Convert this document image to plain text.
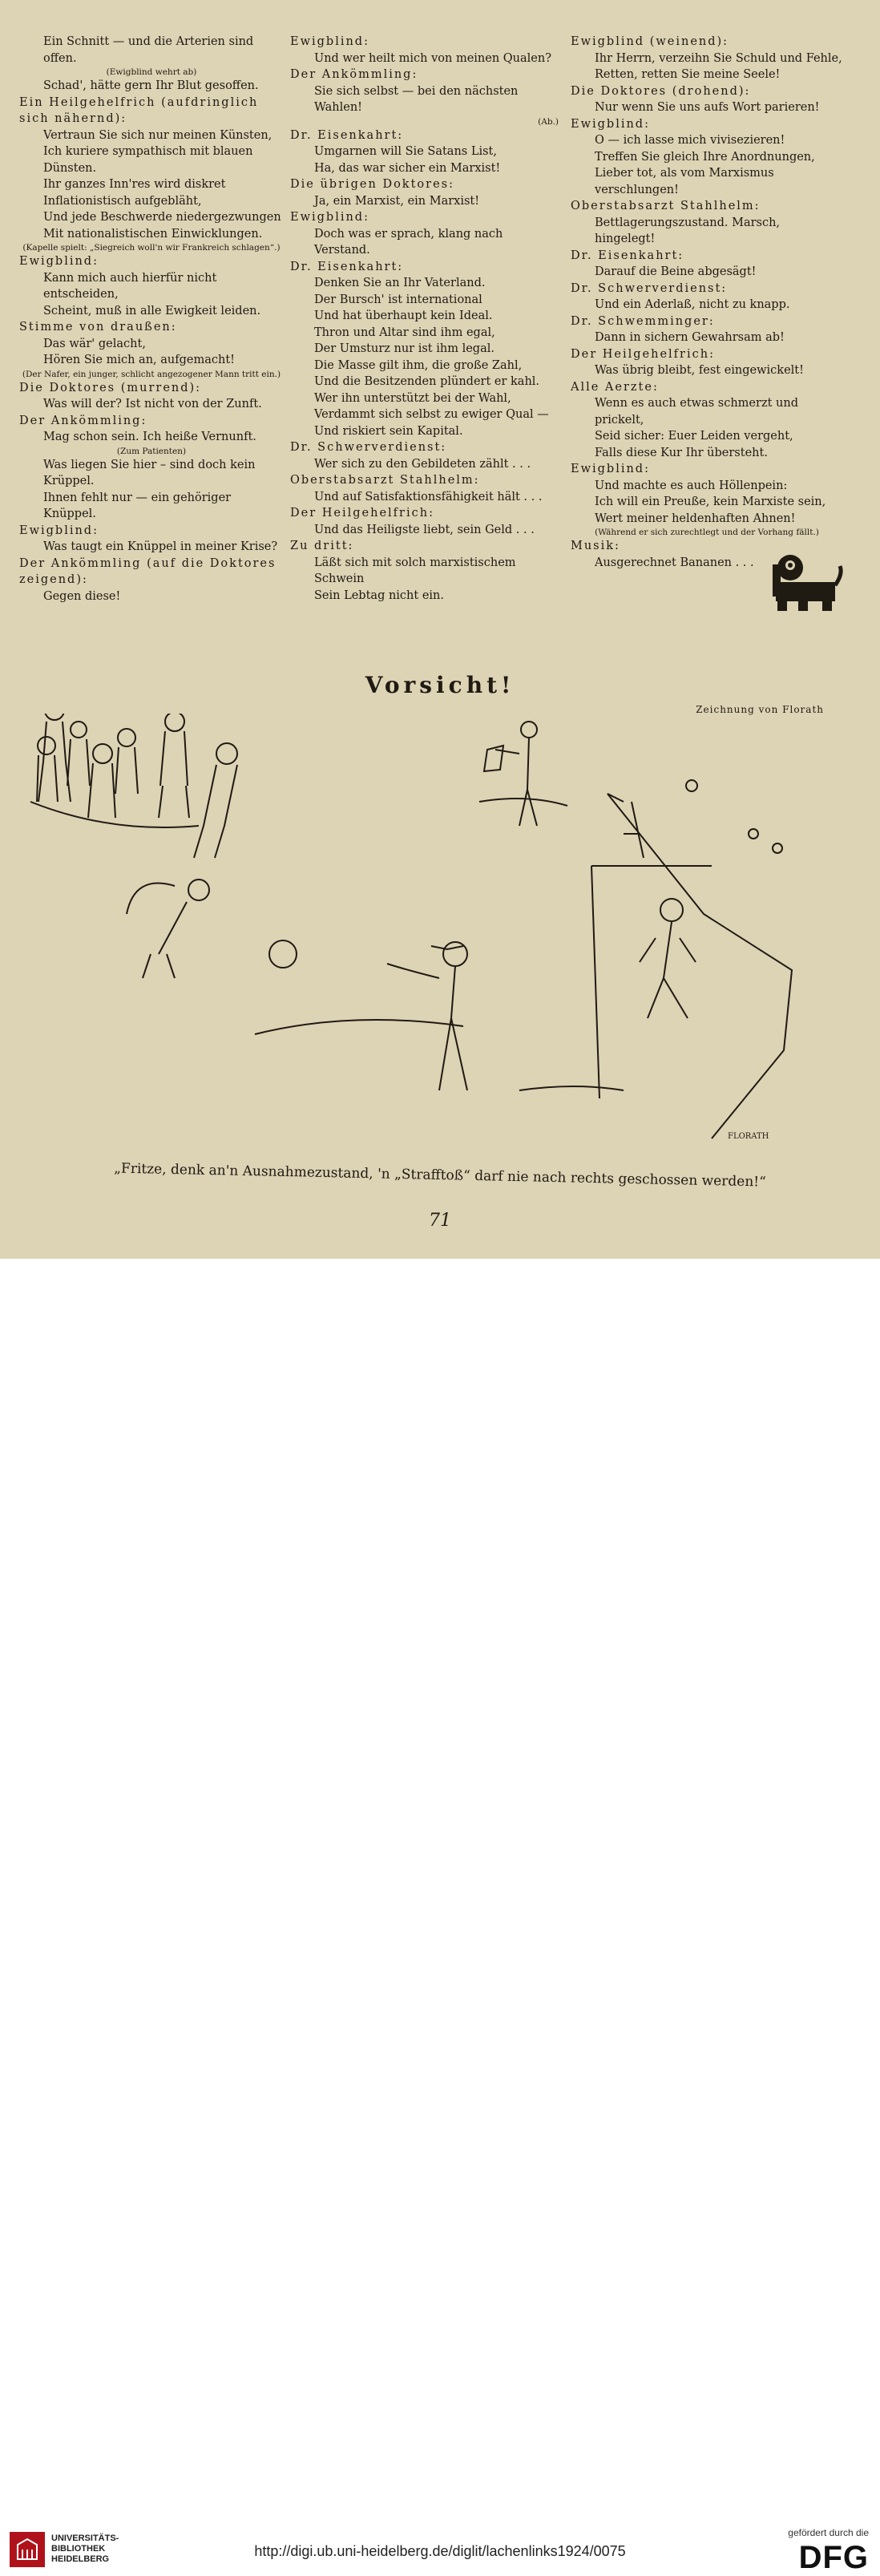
Ein Schnitt — und die Arterien sind offen.
(Ewigblind wehrt ab)
Schad', hätte gern Ihr Blut gesoffen.
Ein Heilgehelfrich (aufdringlich sich nähernd):
Vertraun Sie sich nur meinen Künsten,
Ich kuriere sympathisch mit blauen Dünsten.
Ihr ganzes Inn'res wird diskret
Inflationistisch aufgebläht,
Und jede Beschwerde niedergezwungen
Mit nationalistischen Einwicklungen.
(Kapelle spielt: „Siegreich woll'n wir Frankreich schlagen“.)
Ewigblind:
Kann mich auch hierfür nicht entscheiden,
Scheint, muß in alle Ewigkeit leiden.
Stimme von draußen:
Das wär' gelacht,
Hören Sie mich an, aufgemacht!
(Der Nafer, ein junger, schlicht angezogener Mann tritt ein.)
Die Doktores (murrend):
Was will der? Ist nicht von der Zunft.
Der Ankömmling:
Mag schon sein. Ich heiße Vernunft.
(Zum Patienten)
Was liegen Sie hier – sind doch kein Krüppel.
Ihnen fehlt nur — ein gehöriger Knüppel.
Ewigblind:
Was taugt ein Knüppel in meiner Krise?
Der Ankömmling (auf die Doktores zeigend):
Gegen diese!
Ewigblind:
Und wer heilt mich von meinen Qualen?
Der Ankömmling:
Sie sich selbst — bei den nächsten Wahlen!
(Ab.)
Dr. Eisenkahrt:
Umgarnen will Sie Satans List,
Ha, das war sicher ein Marxist!
Die übrigen Doktores:
Ja, ein Marxist, ein Marxist!
Ewigblind:
Doch was er sprach, klang nach Verstand.
Dr. Eisenkahrt:
Denken Sie an Ihr Vaterland.
Der Bursch' ist international
Und hat überhaupt kein Ideal.
Thron und Altar sind ihm egal,
Der Umsturz nur ist ihm legal.
Die Masse gilt ihm, die große Zahl,
Und die Besitzenden plündert er kahl.
Wer ihn unterstützt bei der Wahl,
Verdammt sich selbst zu ewiger Qual —
Und riskiert sein Kapital.
Dr. Schwerverdienst:
Wer sich zu den Gebildeten zählt . . .
Oberstabsarzt Stahlhelm:
Und auf Satisfaktionsfähigkeit hält . . .
Der Heilgehelfrich:
Und das Heiligste liebt, sein Geld . . .
Zu dritt:
Läßt sich mit solch marxistischem Schwein
Sein Lebtag nicht ein.
Ewigblind (weinend):
Ihr Herrn, verzeihn Sie Schuld und Fehle,
Retten, retten Sie meine Seele!
Die Doktores (drohend):
Nur wenn Sie uns aufs Wort parieren!
Ewigblind:
O — ich lasse mich vivisezieren!
Treffen Sie gleich Ihre Anordnungen,
Lieber tot, als vom Marxismus verschlungen!
Oberstabsarzt Stahlhelm:
Bettlagerungszustand. Marsch, hingelegt!
Dr. Eisenkahrt:
Darauf die Beine abgesägt!
Dr. Schwerverdienst:
Und ein Aderlaß, nicht zu knapp.
Dr. Schwemminger:
Dann in sichern Gewahrsam ab!
Der Heilgehelfrich:
Was übrig bleibt, fest eingewickelt!
Alle Aerzte:
Wenn es auch etwas schmerzt und prickelt,
Seid sicher: Euer Leiden vergeht,
Falls diese Kur Ihr übersteht.
Ewigblind:
Und machte es auch Höllenpein:
Ich will ein Preuße, kein Marxiste sein,
Wert meiner heldenhaften Ahnen!
(Während er sich zurechtlegt und der Vorhang fällt.)
Musik:
Ausgerechnet Bananen . . .
Vorsicht!
Zeichnung von Florath
FLORATH
„Fritze, denk an'n Ausnahmezustand, 'n „Strafftoß“ darf nie nach rechts geschossen werden!“
71
UNIVERSITÄTS-
BIBLIOTHEK
HEIDELBERG	http://digi.ub.uni-heidelberg.de/diglit/lachenlinks1924/0075
gefördert durch die
DFG
